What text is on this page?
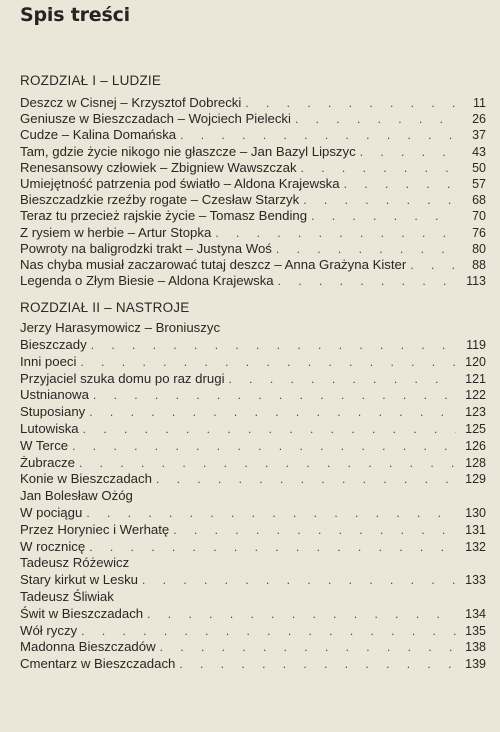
Spis treści
ROZDZIAŁ I – LUDZIE
Deszcz w Cisnej – Krzysztof Dobrecki . . .	11
Geniusze w Bieszczadach – Wojciech Pielecki . . .	26
Cudze – Kalina Domańska . . .	37
Tam, gdzie życie nikogo nie głaszcze – Jan Bazyl Lipszyc . . .	43
Renesansowy człowiek – Zbigniew Wawszczak . . .	50
Umiejętność patrzenia pod światło – Aldona Krajewska . . .	57
Bieszczadzkie rzeźby rogate – Czesław Starzyk . . .	68
Teraz tu przecież rajskie życie – Tomasz Bending . . .	70
Z rysiem w herbie – Artur Stopka . . .	76
Powroty na baligrodzki trakt – Justyna Woś . . .	80
Nas chyba musiał zaczarować tutaj deszcz – Anna Grażyna Kister . . .	88
Legenda o Złym Biesie – Aldona Krajewska . . .	113
ROZDZIAŁ II – NASTROJE
Jerzy Harasymowicz – Broniuszyc
Bieszczady . . .	119
Inni poeci . . .	120
Przyjaciel szuka domu po raz drugi . . .	121
Ustnianowa . . .	122
Stuposiany . . .	123
Lutowiska . . .	125
W Terce . . .	126
Żubracze . . .	128
Konie w Bieszczadach . . .	129
Jan Bolesław Ożóg
W pociągu . . .	130
Przez Horyniec i Werhatę . . .	131
W rocznicę . . .	132
Tadeusz Różewicz
Stary kirkut w Lesku . . .	133
Tadeusz Śliwiak
Świt w Bieszczadach . . .	134
Wół ryczy . . .	135
Madonna Bieszczadów . . .	138
Cmentarz w Bieszczadach . . .	139
